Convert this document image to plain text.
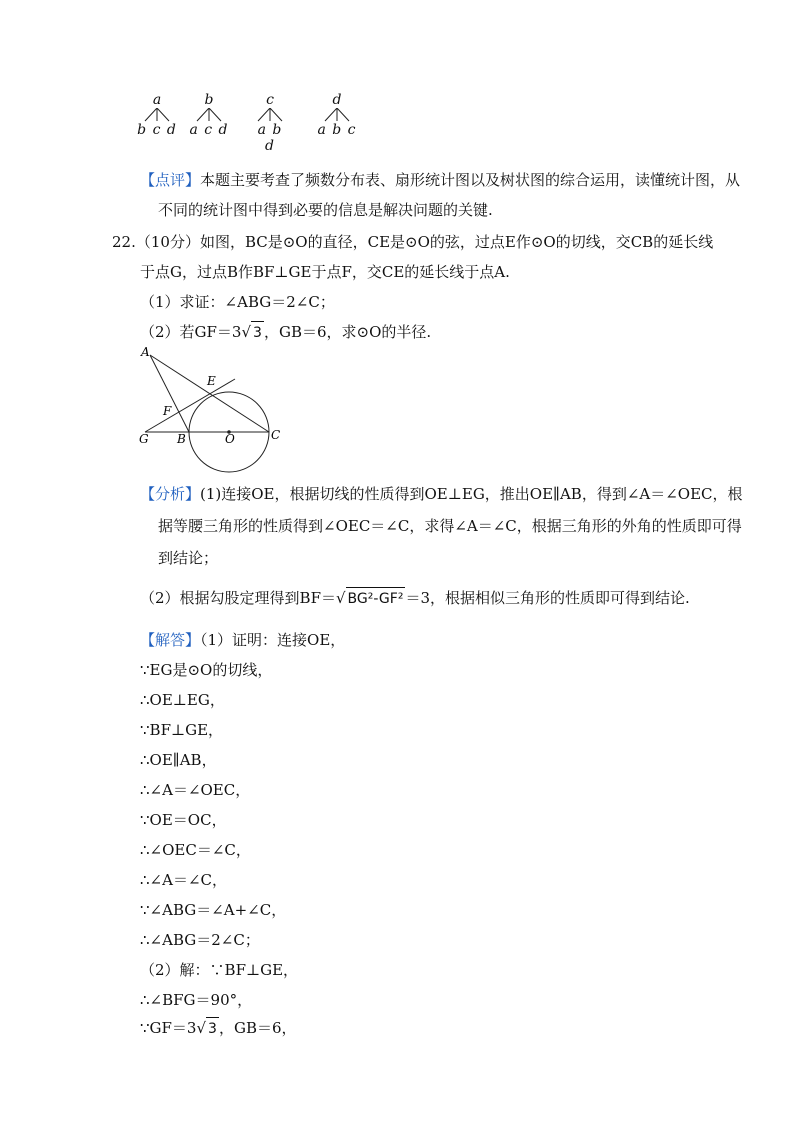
a
b c d
b
a c d
c
a b d
d
a b c
【点评】本题主要考查了频数分布表、扇形统计图以及树状图的综合运用，读懂统计图，从
不同的统计图中得到必要的信息是解决问题的关键.
22.（10分）如图，BC是⊙O的直径，CE是⊙O的弦，过点E作⊙O的切线，交CB的延长线
于点G，过点B作BF⊥GE于点F，交CE的延长线于点A.
（1）求证：∠ABG＝2∠C；
（2）若GF＝3√ 3 ，GB＝6，求⊙O的半径.
A
E
F
G B	O	C
【分析】(1)连接OE，根据切线的性质得到OE⊥EG，推出OE∥AB，得到∠A＝∠OEC，根
据等腰三角形的性质得到∠OEC＝∠C，求得∠A＝∠C，根据三角形的外角的性质即可得
到结论；
（2）根据勾股定理得到BF＝√ BG²-GF² ＝3，根据相似三角形的性质即可得到结论.
【解答】（1）证明：连接OE，
∵EG是⊙O的切线，
∴OE⊥EG，
∵BF⊥GE，
∴OE∥AB，
∴∠A＝∠OEC，
∵OE＝OC，
∴∠OEC＝∠C，
∴∠A＝∠C，
∵∠ABG＝∠A+∠C，
∴∠ABG＝2∠C；
（2）解：∵BF⊥GE，
∴∠BFG＝90°，
∵GF＝3√ 3 ，GB＝6，
